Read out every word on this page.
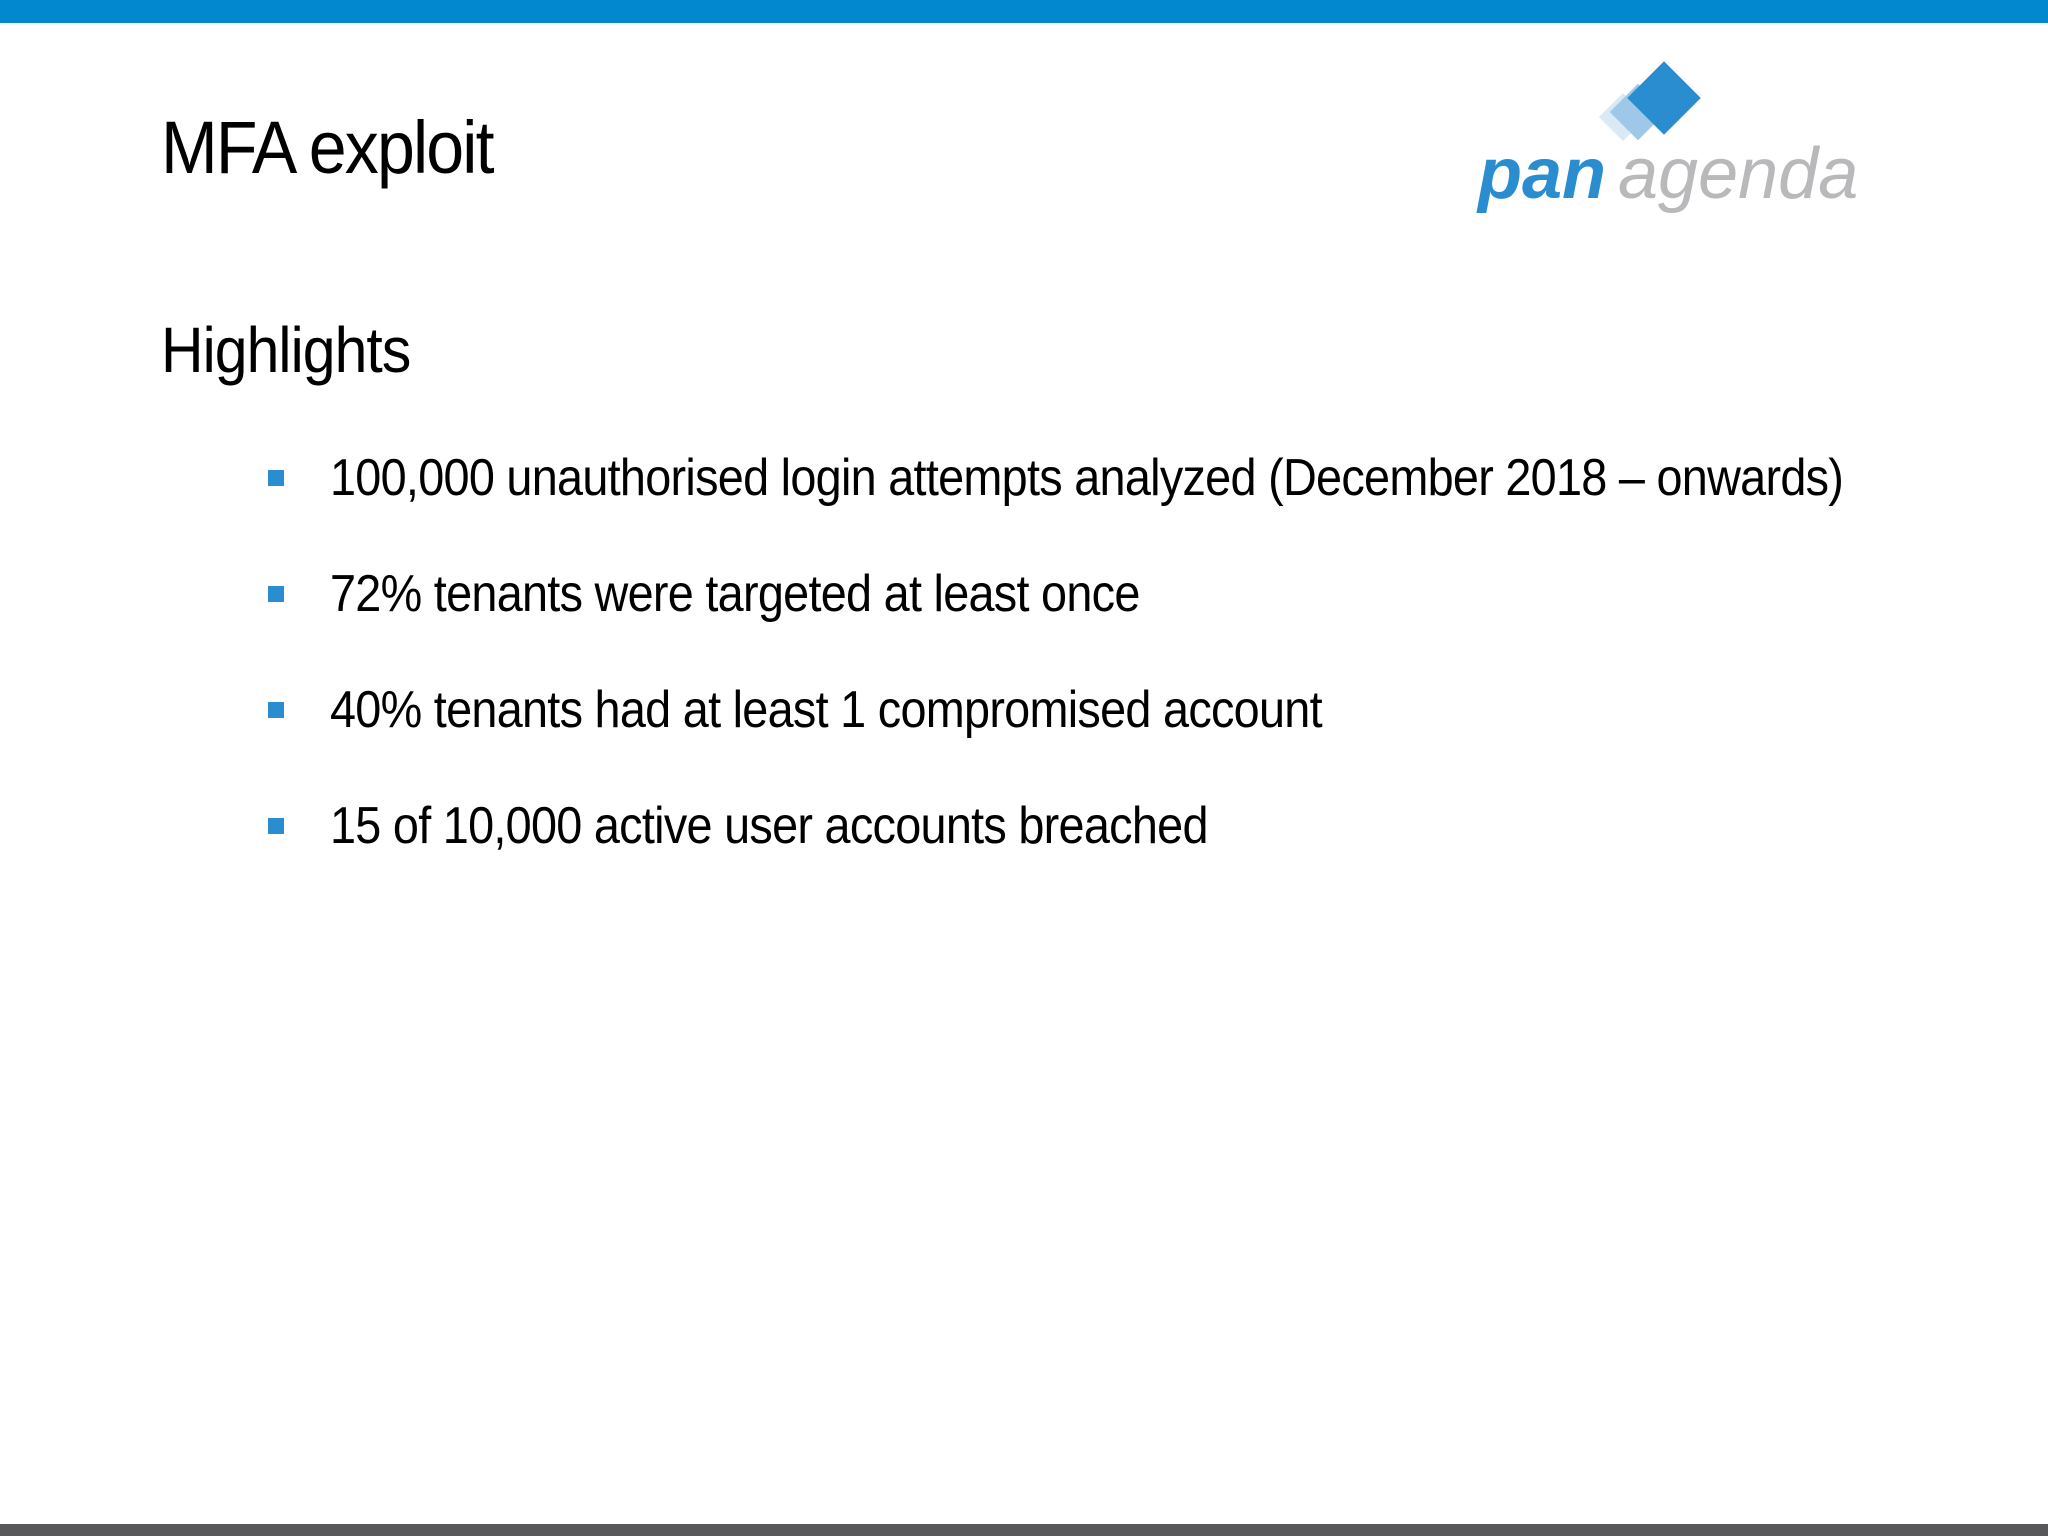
MFA exploit	pan agenda
Highlights
100,000 unauthorised login attempts analyzed (December 2018 – onwards)
72% tenants were targeted at least once
40% tenants had at least 1 compromised account
15 of 10,000 active user accounts breached
